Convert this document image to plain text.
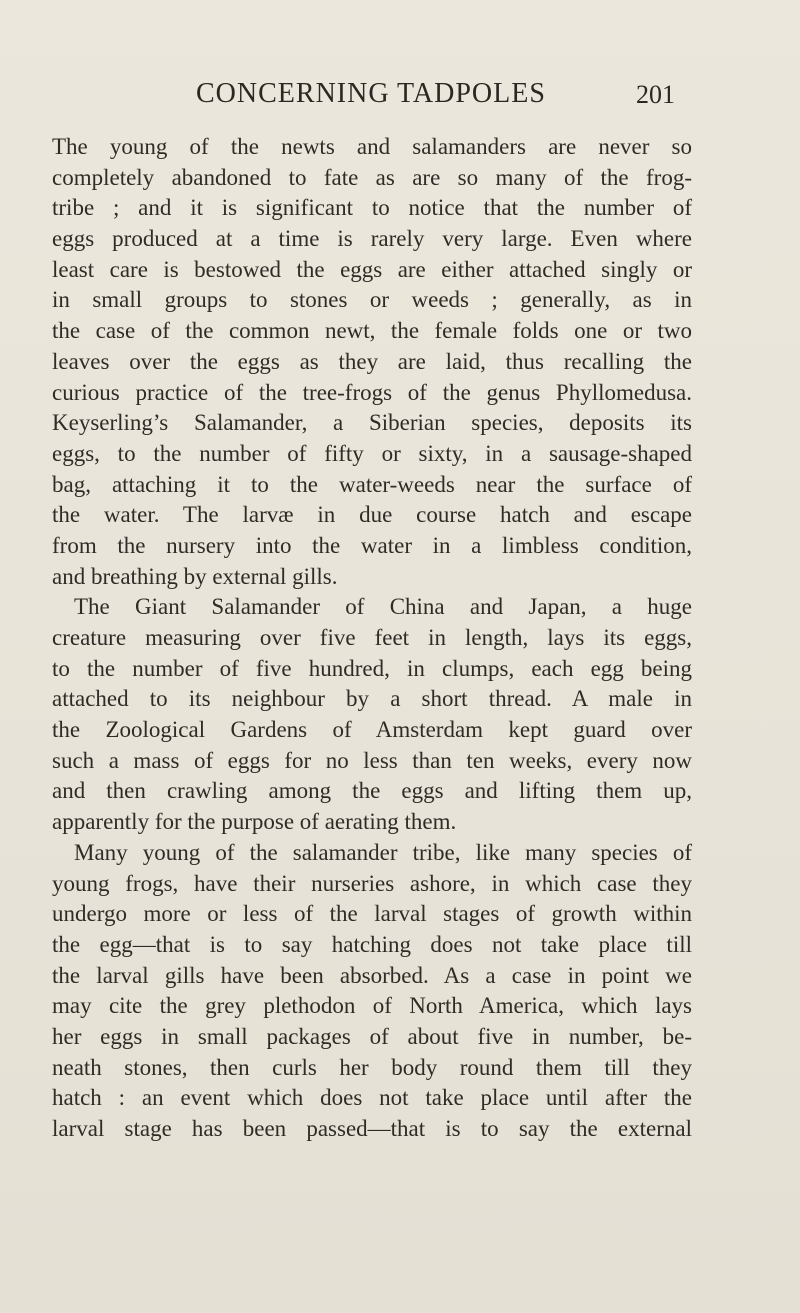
CONCERNING TADPOLES	201
The young of the newts and salamanders are never so
completely abandoned to fate as are so many of the frog-
tribe ; and it is significant to notice that the number of
eggs produced at a time is rarely very large. Even where
least care is bestowed the eggs are either attached singly or
in small groups to stones or weeds ; generally, as in
the case of the common newt, the female folds one or two
leaves over the eggs as they are laid, thus recalling the
curious practice of the tree-frogs of the genus Phyllomedusa.
Keyserling’s Salamander, a Siberian species, deposits its
eggs, to the number of fifty or sixty, in a sausage-shaped
bag, attaching it to the water-weeds near the surface of
the water. The larvæ in due course hatch and escape
from the nursery into the water in a limbless condition,
and breathing by external gills.
The Giant Salamander of China and Japan, a huge
creature measuring over five feet in length, lays its eggs,
to the number of five hundred, in clumps, each egg being
attached to its neighbour by a short thread. A male in
the Zoological Gardens of Amsterdam kept guard over
such a mass of eggs for no less than ten weeks, every now
and then crawling among the eggs and lifting them up,
apparently for the purpose of aerating them.
Many young of the salamander tribe, like many species of
young frogs, have their nurseries ashore, in which case they
undergo more or less of the larval stages of growth within
the egg—that is to say hatching does not take place till
the larval gills have been absorbed. As a case in point we
may cite the grey plethodon of North America, which lays
her eggs in small packages of about five in number, be-
neath stones, then curls her body round them till they
hatch : an event which does not take place until after the
larval stage has been passed—that is to say the external
